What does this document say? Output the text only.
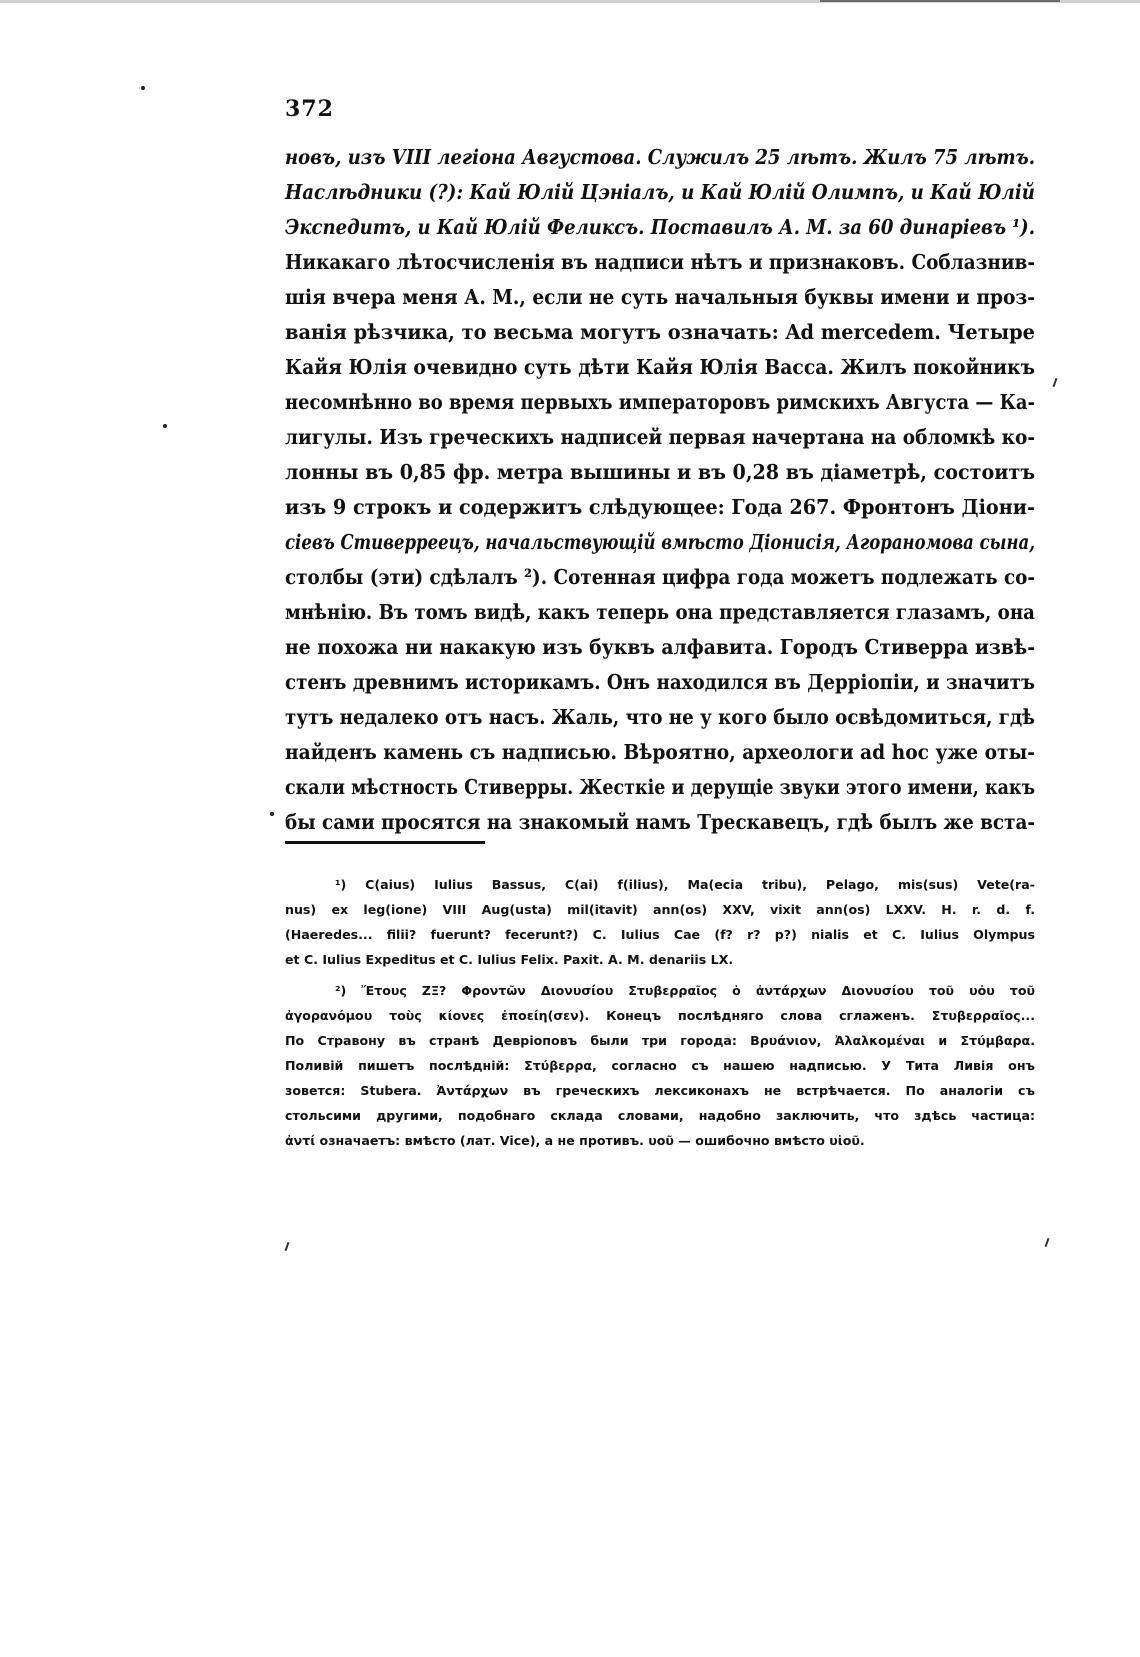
372
новъ, изъ VIII легiона Августова. Служилъ 25 лѣтъ. Жилъ 75 лѣтъ.
Наслѣдники (?): Кай Юлiй Цэнiалъ, и Кай Юлiй Олимпъ, и Кай Юлiй
Экспедитъ, и Кай Юлiй Феликсъ. Поставилъ А. М. за 60 динарiевъ ¹).
Никакаго лѣтосчисленiя въ надписи нѣтъ и признаковъ. Соблазнив-
шiя вчера меня А. М., если не суть начальныя буквы имени и проз-
ванiя рѣзчика, то весьма могутъ означать: Ad mercedem. Четыре
Кайя Юлiя очевидно суть дѣти Кайя Юлiя Васса. Жилъ покойникъ
несомнѣнно во время первыхъ императоровъ римскихъ Августа — Ка-
лигулы. Изъ греческихъ надписей первая начертана на обломкѣ ко-
лонны въ 0,85 фр. метра вышины и въ 0,28 въ дiаметрѣ, состоитъ
изъ 9 строкъ и содержитъ слѣдующее: Года 267. Фронтонъ Дiони-
сiевъ Стиверреецъ, начальствующiй вмѣсто Дiонисiя, Агораномова сына,
столбы (эти) сдѣлалъ ²). Сотенная цифра года можетъ подлежать со-
мнѣнiю. Въ томъ видѣ, какъ теперь она представляется глазамъ, она
не похожа ни накакую изъ буквъ алфавита. Городъ Стиверра извѣ-
стенъ древнимъ историкамъ. Онъ находился въ Деррiопiи, и значитъ
тутъ недалеко отъ насъ. Жаль, что не у кого было освѣдомиться, гдѣ
найденъ камень съ надписью. Вѣроятно, археологи ad hoc уже оты-
скали мѣстность Стиверры. Жесткiе и дерущiе звуки этого имени, какъ
бы сами просятся на знакомый намъ Трескавецъ, гдѣ былъ же вста-
¹) C(aius) Iulius Bassus, C(ai) f(ilius), Ma(ecia tribu), Pelago, mis(sus) Vete(ra-
nus) ex leg(ione) VIII Aug(usta) mil(itavit) ann(os) XXV, vixit ann(os) LXXV. H. r. d. f.
(Haeredes... filii? fuerunt? fecerunt?) C. Iulius Cae (f? r? p?) nialis et C. Iulius Olympus
et C. Iulius Expeditus et C. Iulius Felix. Paxit. A. M. denariis LX.
²) Ἔτους ΖΞ? Φροντῶν Διονυσίου Στυβερραῖος ὁ ἀντάρχων Διονυσίου τοῦ υὀυ τοῦ
ἀγορανόμου τοὺς κίονες ἐποείη(σεν). Конецъ послѣдняго слова сглаженъ. Στυβερραῖος...
По Стравону въ странѣ Деврiоповъ были три города: Βρυάνιον, Ἀλαλκομέναι и Στύμβαρα.
Поливiй пишетъ послѣднiй: Στύβερρα, согласно съ нашею надписью. У Тита Ливiя онъ
зовется: Stubera. Ἀντάρχων въ греческихъ лексиконахъ не встрѣчается. По аналогiи съ
стольсими другими, подобнаго склада словами, надобно заключить, что здѣсь частица:
ἀντί означаетъ: вмѣсто (лат. Vice), а не противъ. υοῦ — ошибочно вмѣсто υἱοῦ.
